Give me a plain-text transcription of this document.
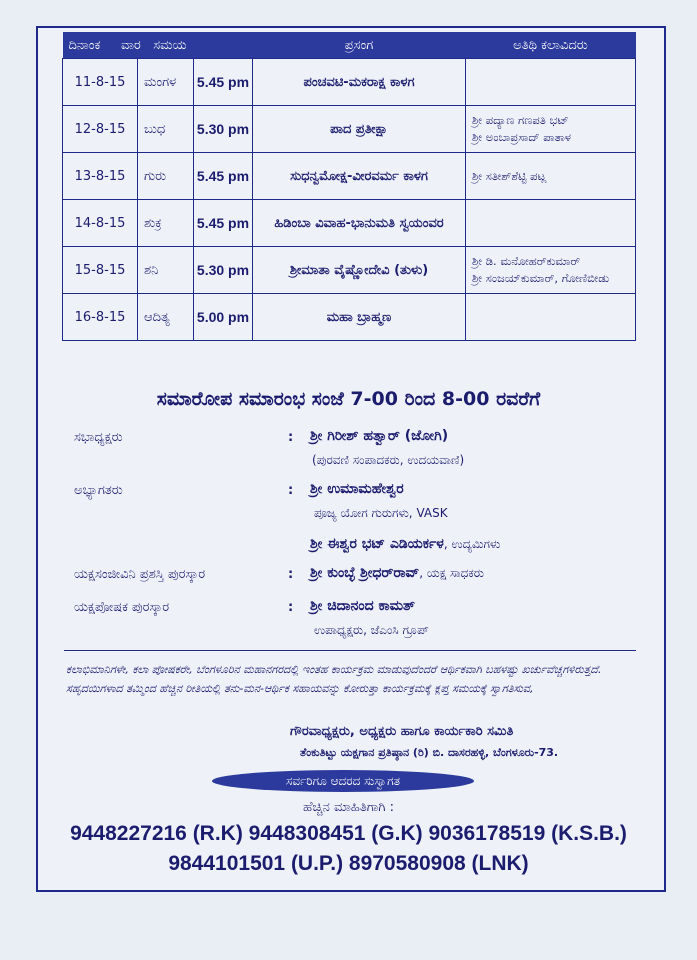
ದಿನಾಂಕ ವಾರ ಸಮಯ			ಪ್ರಸಂಗ	ಅತಿಥಿ ಕಲಾವಿದರು
11-8-15	ಮಂಗಳ	5.45 pm	ಪಂಚವಟಿ-ಮಕರಾಕ್ಷ ಕಾಳಗ	

12-8-15	ಬುಧ	5.30 pm	ಪಾದ ಪ್ರತೀಕ್ಷಾ	ಶ್ರೀ ಪದ್ಯಾಣ ಗಣಪತಿ ಭಟ್
ಶ್ರೀ ಅಂಬಾಪ್ರಸಾದ್ ಪಾತಾಳ

13-8-15	ಗುರು	5.45 pm	ಸುಧನ್ವಮೋಕ್ಷ-ವೀರವರ್ಮ ಕಾಳಗ	ಶ್ರೀ ಸತೀಶ್‌ಶೆಟ್ಟಿ ಪಟ್ಲ

14-8-15	ಶುಕ್ರ	5.45 pm	ಹಿಡಿಂಬಾ ವಿವಾಹ-ಭಾನುಮತಿ ಸ್ವಯಂವರ	

15-8-15	ಶನಿ	5.30 pm	ಶ್ರೀಮಾತಾ ವೈಷ್ಣೋದೇವಿ (ತುಳು)	ಶ್ರೀ ಡಿ. ಮನೋಹರ್‌ಕುಮಾರ್
ಶ್ರೀ ಸಂಜಯ್‌ಕುಮಾರ್, ಗೋಣಿಬೀಡು

16-8-15	ಆದಿತ್ಯ	5.00 pm	ಮಹಾ ಬ್ರಾಹ್ಮಣ	
ಸಮಾರೋಪ ಸಮಾರಂಭ ಸಂಜೆ 7-00 ರಿಂದ 8-00 ರವರೆಗೆ
ಸಭಾಧ್ಯಕ್ಷರು	: ಶ್ರೀ ಗಿರೀಶ್ ಹತ್ವಾರ್ (ಜೋಗಿ)
(ಪುರವಣಿ ಸಂಪಾದಕರು, ಉದಯವಾಣಿ)
ಅಭ್ಯಾಗತರು	: ಶ್ರೀ ಉಮಾಮಹೇಶ್ವರ
ಪೂಜ್ಯ ಯೋಗ ಗುರುಗಳು, VASK
ಶ್ರೀ ಈಶ್ವರ ಭಟ್ ಎಡಿಯರ್ಕಳ, ಉದ್ಯಮಿಗಳು
ಯಕ್ಷಸಂಜೀವಿನಿ ಪ್ರಶಸ್ತಿ ಪುರಸ್ಕಾರ	: ಶ್ರೀ ಕುಂಬ್ಳೆ ಶ್ರೀಧರ್‌ರಾವ್, ಯಕ್ಷ ಸಾಧಕರು
ಯಕ್ಷಪೋಷಕ ಪುರಸ್ಕಾರ	: ಶ್ರೀ ಚಿದಾನಂದ ಕಾಮತ್
ಉಪಾಧ್ಯಕ್ಷರು, ಜೆಎಂಸಿ ಗ್ರೂಪ್
ಕಲಾಭಿಮಾನಿಗಳೇ, ಕಲಾ ಪೋಷಕರೇ, ಬೆಂಗಳೂರಿನ ಮಹಾನಗರದಲ್ಲಿ ಇಂತಹ ಕಾರ್ಯಕ್ರಮ ಮಾಡುವುದೆಂದರೆ ಆರ್ಥಿಕವಾಗಿ ಬಹಳಷ್ಟು ಖರ್ಚುವೆಚ್ಚಗಳಿರುತ್ತದೆ. ಸಹೃದಯಿಗಳಾದ ತಮ್ಮಿಂದ ಹೆಚ್ಚಿನ ರೀತಿಯಲ್ಲಿ ತನು-ಮನ-ಆರ್ಥಿಕ ಸಹಾಯವನ್ನು ಕೋರುತ್ತಾ ಕಾರ್ಯಕ್ರಮಕ್ಕೆ ಕ್ಲಪ್ತ ಸಮಯಕ್ಕೆ ಸ್ವಾಗತಿಸುವ,
ಗೌರವಾಧ್ಯಕ್ಷರು, ಅಧ್ಯಕ್ಷರು ಹಾಗೂ ಕಾರ್ಯಕಾರಿ ಸಮಿತಿ
ತೆಂಕುತಿಟ್ಟು ಯಕ್ಷಗಾನ ಪ್ರತಿಷ್ಠಾನ (ರಿ) ಬಿ. ದಾಸರಹಳ್ಳಿ, ಬೆಂಗಳೂರು-73.
ಸರ್ವರಿಗೂ ಆದರದ ಸುಸ್ವಾಗತ
ಹೆಚ್ಚಿನ ಮಾಹಿತಿಗಾಗಿ :
9448227216 (R.K) 9448308451 (G.K) 9036178519 (K.S.B.)
9844101501 (U.P.) 8970580908 (LNK)
